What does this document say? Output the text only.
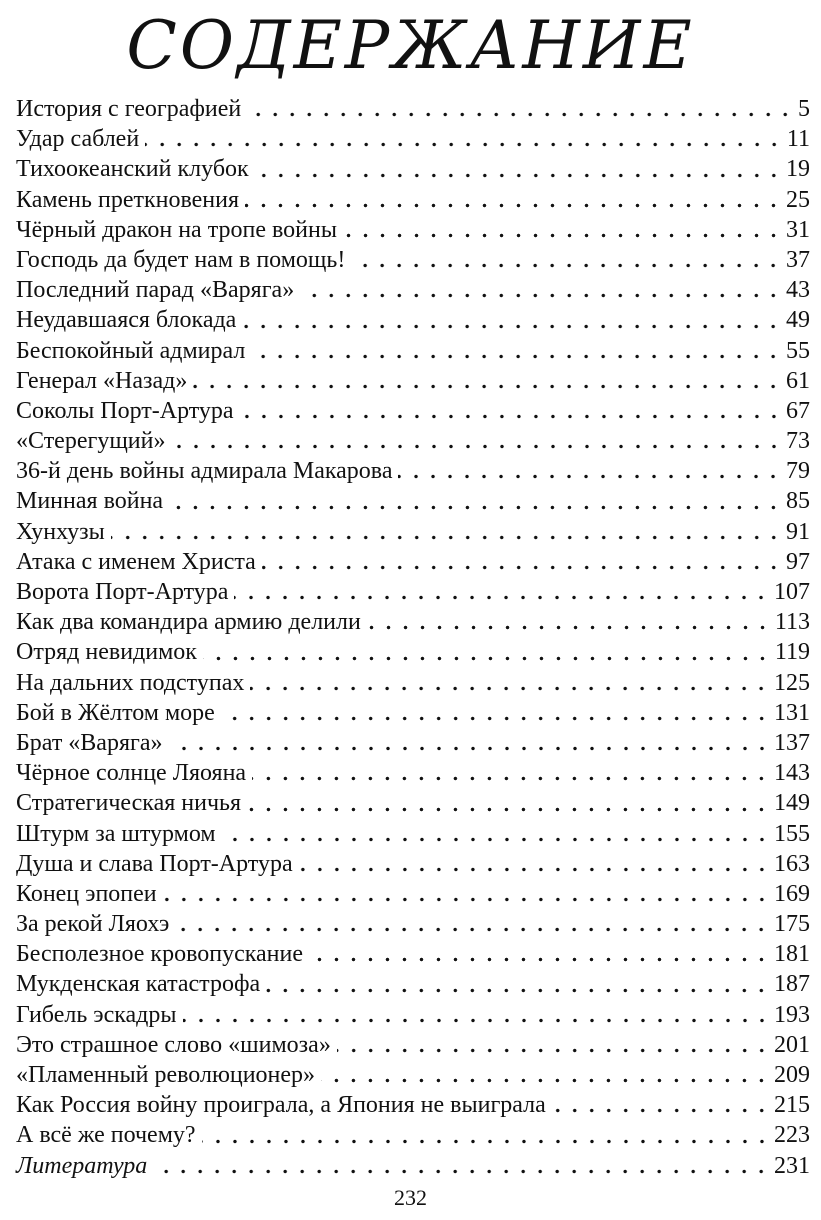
СОДЕРЖАНИЕ
История с географией	5
Удар саблей	11
Тихоокеанский клубок	19
Камень преткновения	25
Чёрный дракон на тропе войны	31
Господь да будет нам в помощь!	37
Последний парад «Варяга»	43
Неудавшаяся блокада	49
Беспокойный адмирал	55
Генерал «Назад»	61
Соколы Порт-Артура	67
«Стерегущий»	73
36-й день войны адмирала Макарова	79
Минная война	85
Хунхузы	91
Атака с именем Христа	97
Ворота Порт-Артура	107
Как два командира армию делили	113
Отряд невидимок	119
На дальних подступах	125
Бой в Жёлтом море	131
Брат «Варяга»	137
Чёрное солнце Ляояна	143
Стратегическая ничья	149
Штурм за штурмом	155
Душа и слава Порт-Артура	163
Конец эпопеи	169
За рекой Ляохэ	175
Бесполезное кровопускание	181
Мукденская катастрофа	187
Гибель эскадры	193
Это страшное слово «шимоза»	201
«Пламенный революционер»	209
Как Россия войну проиграла, а Япония не выиграла	215
А всё же почему?	223
Литература	231
232
